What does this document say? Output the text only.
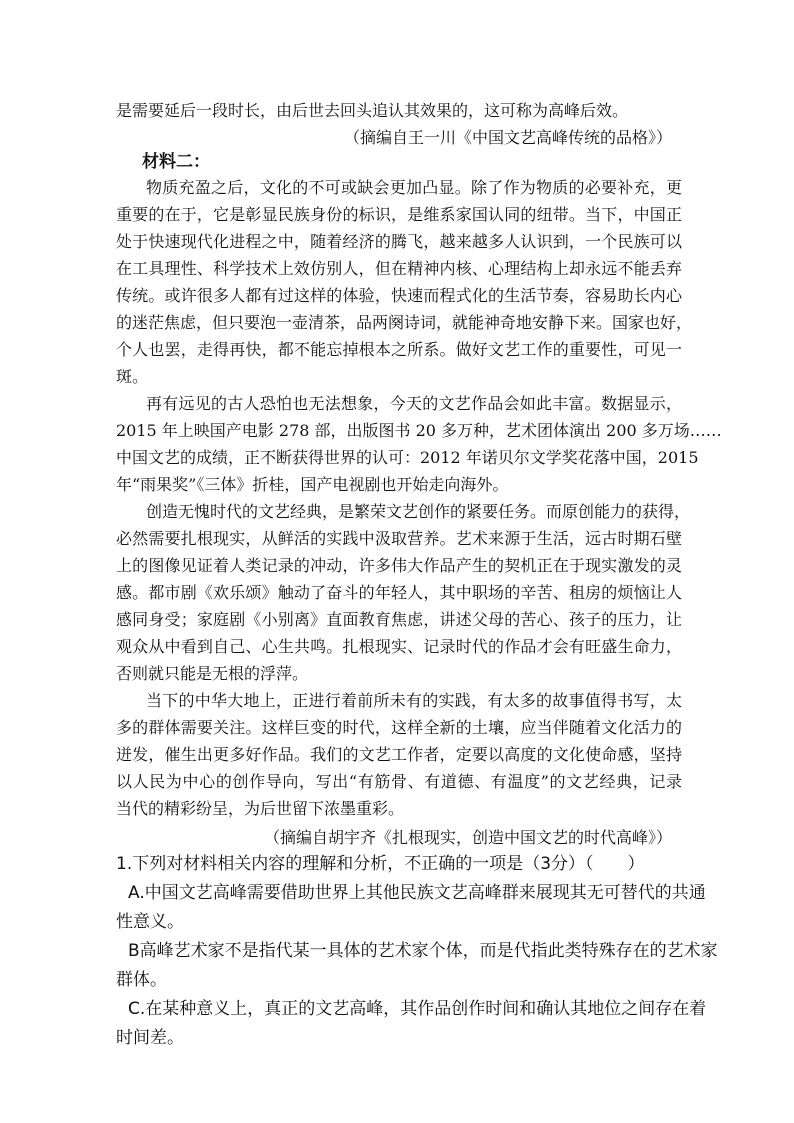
是需要延后一段时长，由后世去回头追认其效果的，这可称为高峰后效。
（摘编自王一川《中国文艺高峰传统的品格》）
材料二：
物质充盈之后，文化的不可或缺会更加凸显。除了作为物质的必要补充，更
重要的在于，它是彰显民族身份的标识，是维系家国认同的纽带。当下，中国正
处于快速现代化进程之中，随着经济的腾飞，越来越多人认识到，一个民族可以
在工具理性、科学技术上效仿别人，但在精神内核、心理结构上却永远不能丢弃
传统。或许很多人都有过这样的体验，快速而程式化的生活节奏，容易助长内心
的迷茫焦虑，但只要泡一壶清茶，品两阕诗词，就能神奇地安静下来。国家也好，
个人也罢，走得再快，都不能忘掉根本之所系。做好文艺工作的重要性，可见一
斑。
再有远见的古人恐怕也无法想象，今天的文艺作品会如此丰富。数据显示，
2015 年上映国产电影 278 部，出版图书 20 多万种，艺术团体演出 200 多万场……
中国文艺的成绩，正不断获得世界的认可：2012 年诺贝尔文学奖花落中国，2015
年“雨果奖”《三体》折桂，国产电视剧也开始走向海外。
创造无愧时代的文艺经典，是繁荣文艺创作的紧要任务。而原创能力的获得，
必然需要扎根现实，从鲜活的实践中汲取营养。艺术来源于生活，远古时期石壁
上的图像见证着人类记录的冲动，许多伟大作品产生的契机正在于现实激发的灵
感。都市剧《欢乐颂》触动了奋斗的年轻人，其中职场的辛苦、租房的烦恼让人
感同身受；家庭剧《小别离》直面教育焦虑，讲述父母的苦心、孩子的压力，让
观众从中看到自己、心生共鸣。扎根现实、记录时代的作品才会有旺盛生命力，
否则就只能是无根的浮萍。
当下的中华大地上，正进行着前所未有的实践，有太多的故事值得书写，太
多的群体需要关注。这样巨变的时代，这样全新的土壤，应当伴随着文化活力的
迸发，催生出更多好作品。我们的文艺工作者，定要以高度的文化使命感，坚持
以人民为中心的创作导向，写出“有筋骨、有道德、有温度”的文艺经典，记录
当代的精彩纷呈，为后世留下浓墨重彩。
（摘编自胡宇齐《扎根现实，创造中国文艺的时代高峰》）
1.下列对材料相关内容的理解和分析，不正确的一项是（3分）（　　）
A.中国文艺高峰需要借助世界上其他民族文艺高峰群来展现其无可替代的共通
性意义。
B高峰艺术家不是指代某一具体的艺术家个体，而是代指此类特殊存在的艺术家
群体。
C.在某种意义上，真正的文艺高峰，其作品创作时间和确认其地位之间存在着
时间差。
